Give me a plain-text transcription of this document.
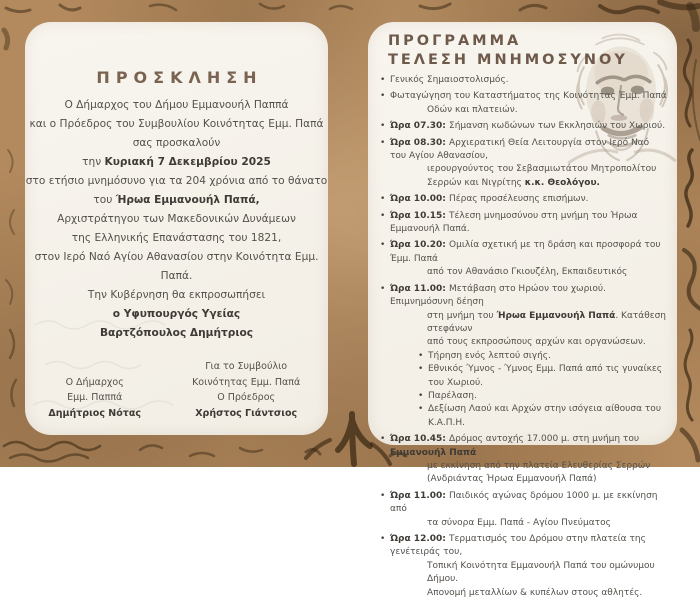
ΠΡΟΣΚΛΗΣΗ
Ο Δήμαρχος του Δήμου Εμμανουήλ Παππά
και ο Πρόεδρος του Συμβουλίου Κοινότητας Εμμ. Παπά
σας προσκαλούν
την Κυριακή 7 Δεκεμβρίου 2025
στο ετήσιο μνημόσυνο για τα 204 χρόνια από το θάνατο
του Ήρωα Εμμανουήλ Παπά,
Αρχιστράτηγου των Μακεδονικών Δυνάμεων
της Ελληνικής Επανάστασης του 1821,
στον Ιερό Ναό Αγίου Αθανασίου στην Κοινότητα Εμμ. Παπά.
Την Κυβέρνηση θα εκπροσωπήσει
ο Υφυπουργός Υγείας
Βαρτζόπουλος Δημήτριος
Ο Δήμαρχος
Εμμ. Παππά
Δημήτριος Νότας
Για το Συμβούλιο
Κοινότητας Εμμ. Παπά
Ο Πρόεδρος
Χρήστος Γιάντσιος
ΠΡΟΓΡΑΜΜΑ
ΤΕΛΕΣΗ ΜΝΗΜΟΣΥΝΟΥ
• Γενικός Σημαιοστολισμός.
• Φωταγώγηση του Καταστήματος της Κοινότητας Έμμ. Παπά
Οδών και πλατειών.
• Ώρα 07.30: Σήμανση κωδώνων των Εκκλησιών του Χωριού.
• Ώρα 08.30: Αρχιερατική Θεία Λειτουργία στον Ιερό Ναό του Αγίου Αθανασίου,
ιερουργούντος του Σεβασμιωτάτου Μητροπολίτου
Σερρών και Νιγρίτης κ.κ. Θεολόγου.
• Ώρα 10.00: Πέρας προσέλευσης επισήμων.
• Ώρα 10.15: Τέλεση μνημοσύνου στη μνήμη του Ήρωα Εμμανουήλ Παπά.
• Ώρα 10.20: Ομιλία σχετική με τη δράση και προσφορά του Έμμ. Παπά
από τον Αθανάσιο Γκιουζέλη, Εκπαιδευτικός
• Ώρα 11.00: Μετάβαση στο Ηρώον του χωριού. Επιμνημόσυνη δέηση
στη μνήμη του Ήρωα Εμμανουήλ Παπά. Κατάθεση στεφάνων
από τους εκπροσώπους αρχών και οργανώσεων.
• Τήρηση ενός λεπτού σιγής.
• Εθνικός Ύμνος - Ύμνος Εμμ. Παπά από τις γυναίκες του Χωριού.
• Παρέλαση.
• Δεξίωση Λαού και Αρχών στην ισόγεια αίθουσα του Κ.Α.Π.Η.
• Ώρα 10.45: Δρόμος αντοχής 17.000 μ. στη μνήμη του Εμμανουήλ Παπά
με εκκίνηση από την πλατεία Ελευθερίας Σερρών
(Ανδριάντας Ήρωα Εμμανουήλ Παπά)
• Ώρα 11.00: Παιδικός αγώνας δρόμου 1000 μ. με εκκίνηση από
τα σύνορα Εμμ. Παπά - Αγίου Πνεύματος
• Ώρα 12.00: Τερματισμός του Δρόμου στην πλατεία της γενέτειράς του,
Τοπική Κοινότητα Εμμανουήλ Παπά του ομώνυμου Δήμου.
Απονομή μεταλλίων & κυπέλων στους αθλητές.
